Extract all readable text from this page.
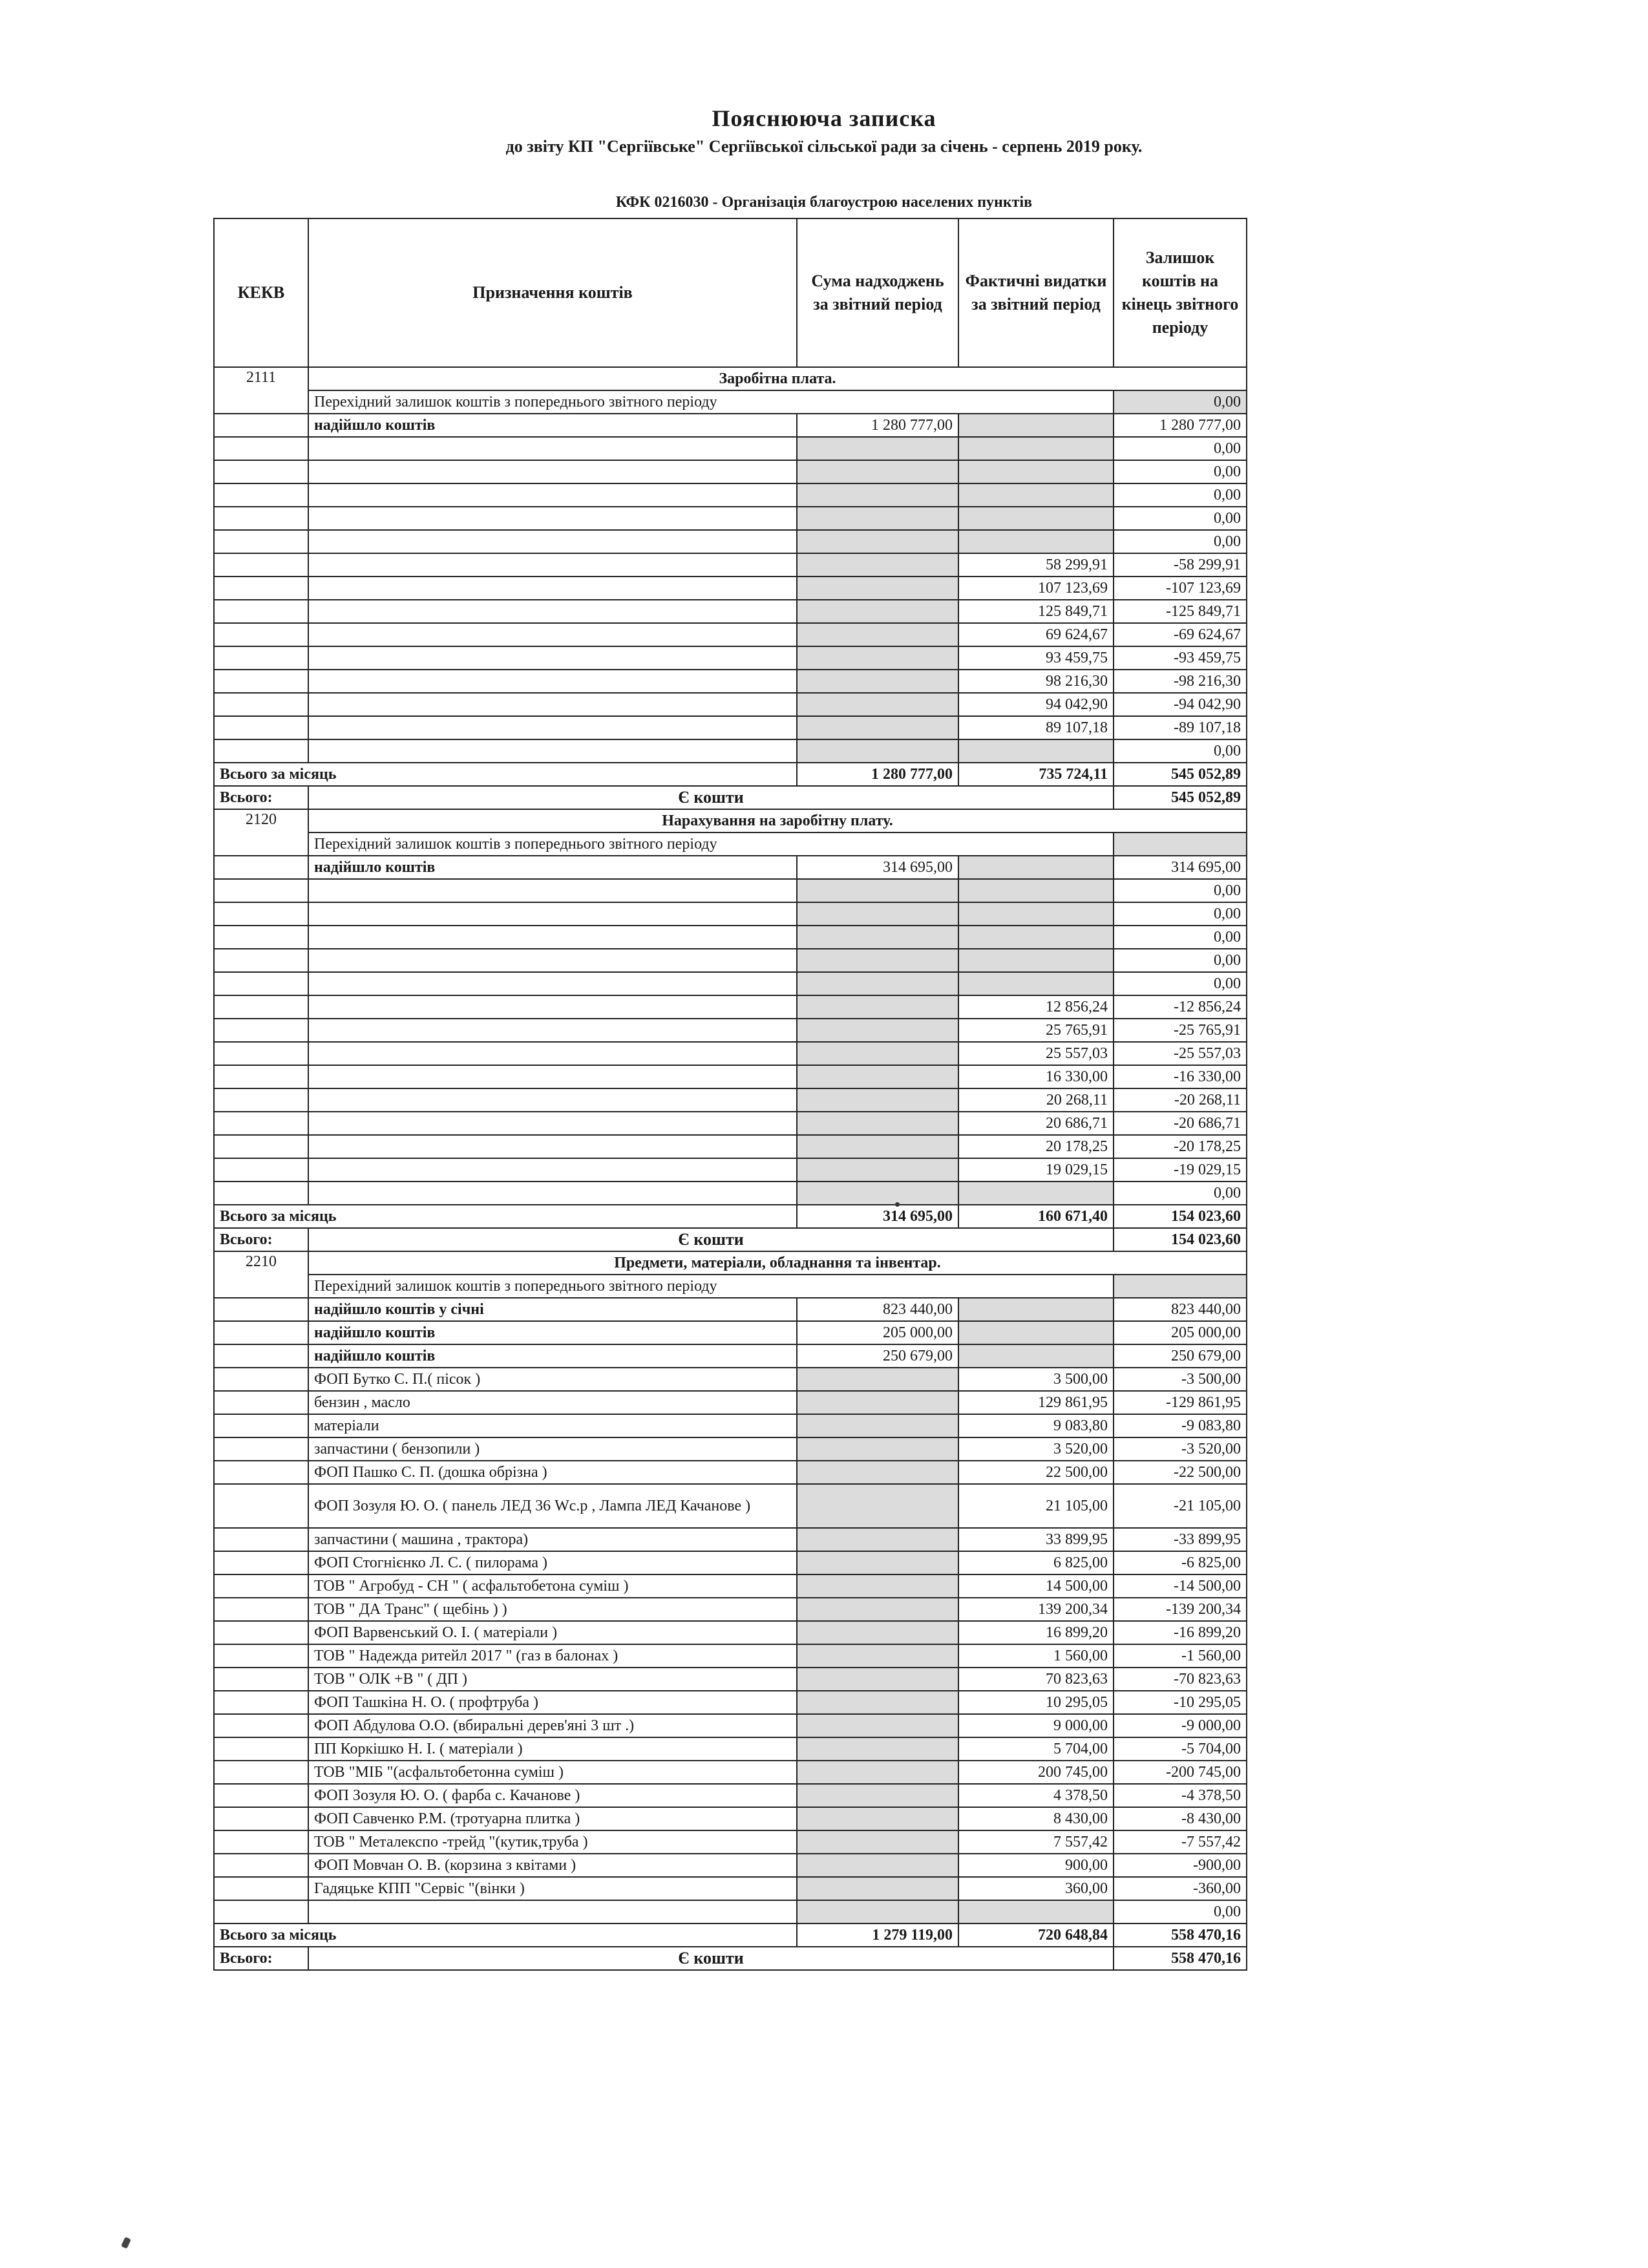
Пояснююча записка
до звіту КП "Сергіївське" Сергіївської сільської ради за січень - серпень 2019 року.
КФК 0216030 - Організація благоустрою населених пунктів
КЕКВ	Призначення коштів	Сума надходжень за звітний період	Фактичні видатки за звітний період	Залишок коштів на кінець звітного періоду
2111	Заробітна плата.			
	Перехідний залишок коштів з попереднього звітного періоду			0,00
	надійшло коштів	1 280 777,00		1 280 777,00
				0,00
				0,00
				0,00
				0,00
				0,00
			58 299,91	-58 299,91
			107 123,69	-107 123,69
			125 849,71	-125 849,71
			69 624,67	-69 624,67
			93 459,75	-93 459,75
			98 216,30	-98 216,30
			94 042,90	-94 042,90
			89 107,18	-89 107,18
				0,00
Всього за місяць		1 280 777,00	735 724,11	545 052,89
Всього:	Є кошти			545 052,89
2120	Нарахування на заробітну плату.			
	Перехідний залишок коштів з попереднього звітного періоду			
	надійшло коштів	314 695,00		314 695,00
				0,00
				0,00
				0,00
				0,00
				0,00
			12 856,24	-12 856,24
			25 765,91	-25 765,91
			25 557,03	-25 557,03
			16 330,00	-16 330,00
			20 268,11	-20 268,11
			20 686,71	-20 686,71
			20 178,25	-20 178,25
			19 029,15	-19 029,15
				0,00
Всього за місяць		314 695,00	160 671,40	154 023,60
Всього:	Є кошти			154 023,60
2210	Предмети, матеріали, обладнання та інвентар.			
	Перехідний залишок коштів з попереднього звітного періоду			
	надійшло коштів у січні	823 440,00		823 440,00
	надійшло коштів	205 000,00		205 000,00
	надійшло коштів	250 679,00		250 679,00
	ФОП Бутко С. П.( пісок )		3 500,00	-3 500,00
	бензин , масло		129 861,95	-129 861,95
	матеріали		9 083,80	-9 083,80
	запчастини ( бензопили )		3 520,00	-3 520,00
	ФОП Пашко С. П. (дошка обрізна )		22 500,00	-22 500,00
	ФОП Зозуля Ю. О. ( панель ЛЕД 36 Wс.р , Лампа ЛЕД Качанове )		21 105,00	-21 105,00
	запчастини ( машина , трактора)		33 899,95	-33 899,95
	ФОП Стогнієнко Л. С. ( пилорама )		6 825,00	-6 825,00
	ТОВ " Агробуд - СН " ( асфальтобетона суміш )		14 500,00	-14 500,00
	ТОВ " ДА Транс" ( щебінь ) )		139 200,34	-139 200,34
	ФОП Варвенський О. І. ( матеріали )		16 899,20	-16 899,20
	ТОВ " Надежда ритейл 2017 " (газ в балонах )		1 560,00	-1 560,00
	ТОВ " ОЛК +В " ( ДП )		70 823,63	-70 823,63
	ФОП Ташкіна Н. О. ( профтруба )		10 295,05	-10 295,05
	ФОП Абдулова О.О. (вбиральні дерев'яні 3 шт .)		9 000,00	-9 000,00
	ПП Коркішко Н. І. ( матеріали )		5 704,00	-5 704,00
	ТОВ "МІБ "(асфальтобетонна суміш )		200 745,00	-200 745,00
	ФОП Зозуля Ю. О. ( фарба с. Качанове )		4 378,50	-4 378,50
	ФОП Савченко Р.М. (тротуарна плитка )		8 430,00	-8 430,00
	ТОВ " Металекспо -трейд "(кутик,труба )		7 557,42	-7 557,42
	ФОП Мовчан О. В. (корзина з квітами )		900,00	-900,00
	Гадяцьке КПП "Сервіс "(вінки )		360,00	-360,00
				0,00
Всього за місяць		1 279 119,00	720 648,84	558 470,16
Всього:	Є кошти			558 470,16
